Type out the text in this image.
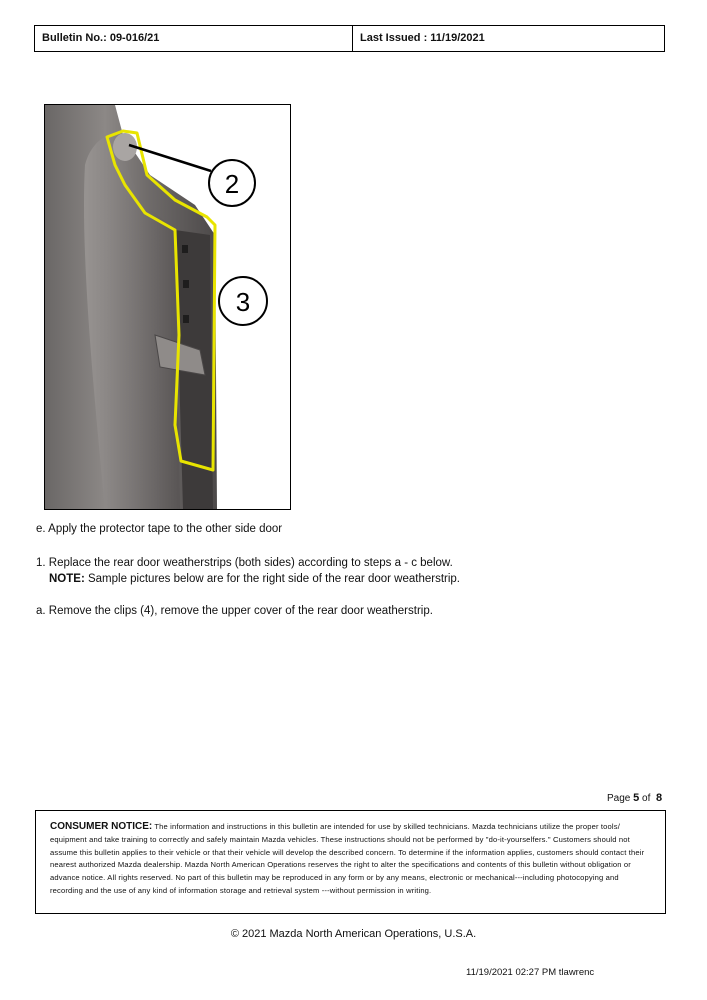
Bulletin No.: 09-016/21	Last Issued : 11/19/2021
2
3
e. Apply the protector tape to the other side door
1. Replace the rear door weatherstrips (both sides) according to steps a - c below.
NOTE: Sample pictures below are for the right side of the rear door weatherstrip.
a. Remove the clips (4), remove the upper cover of the rear door weatherstrip.
Page 5 of 8
CONSUMER NOTICE: The information and instructions in this bulletin are intended for use by skilled technicians. Mazda technicians utilize the proper tools/ equipment and take training to correctly and safely maintain Mazda vehicles. These instructions should not be performed by "do-it-yourselfers." Customers should not assume this bulletin applies to their vehicle or that their vehicle will develop the described concern. To determine if the information applies, customers should contact their nearest authorized Mazda dealership. Mazda North American Operations reserves the right to alter the specifications and contents of this bulletin without obligation or advance notice. All rights reserved. No part of this bulletin may be reproduced in any form or by any means, electronic or mechanical---including photocopying and recording and the use of any kind of information storage and retrieval system ---without permission in writing.
© 2021 Mazda North American Operations, U.S.A.
11/19/2021 02:27 PM tlawrenc
